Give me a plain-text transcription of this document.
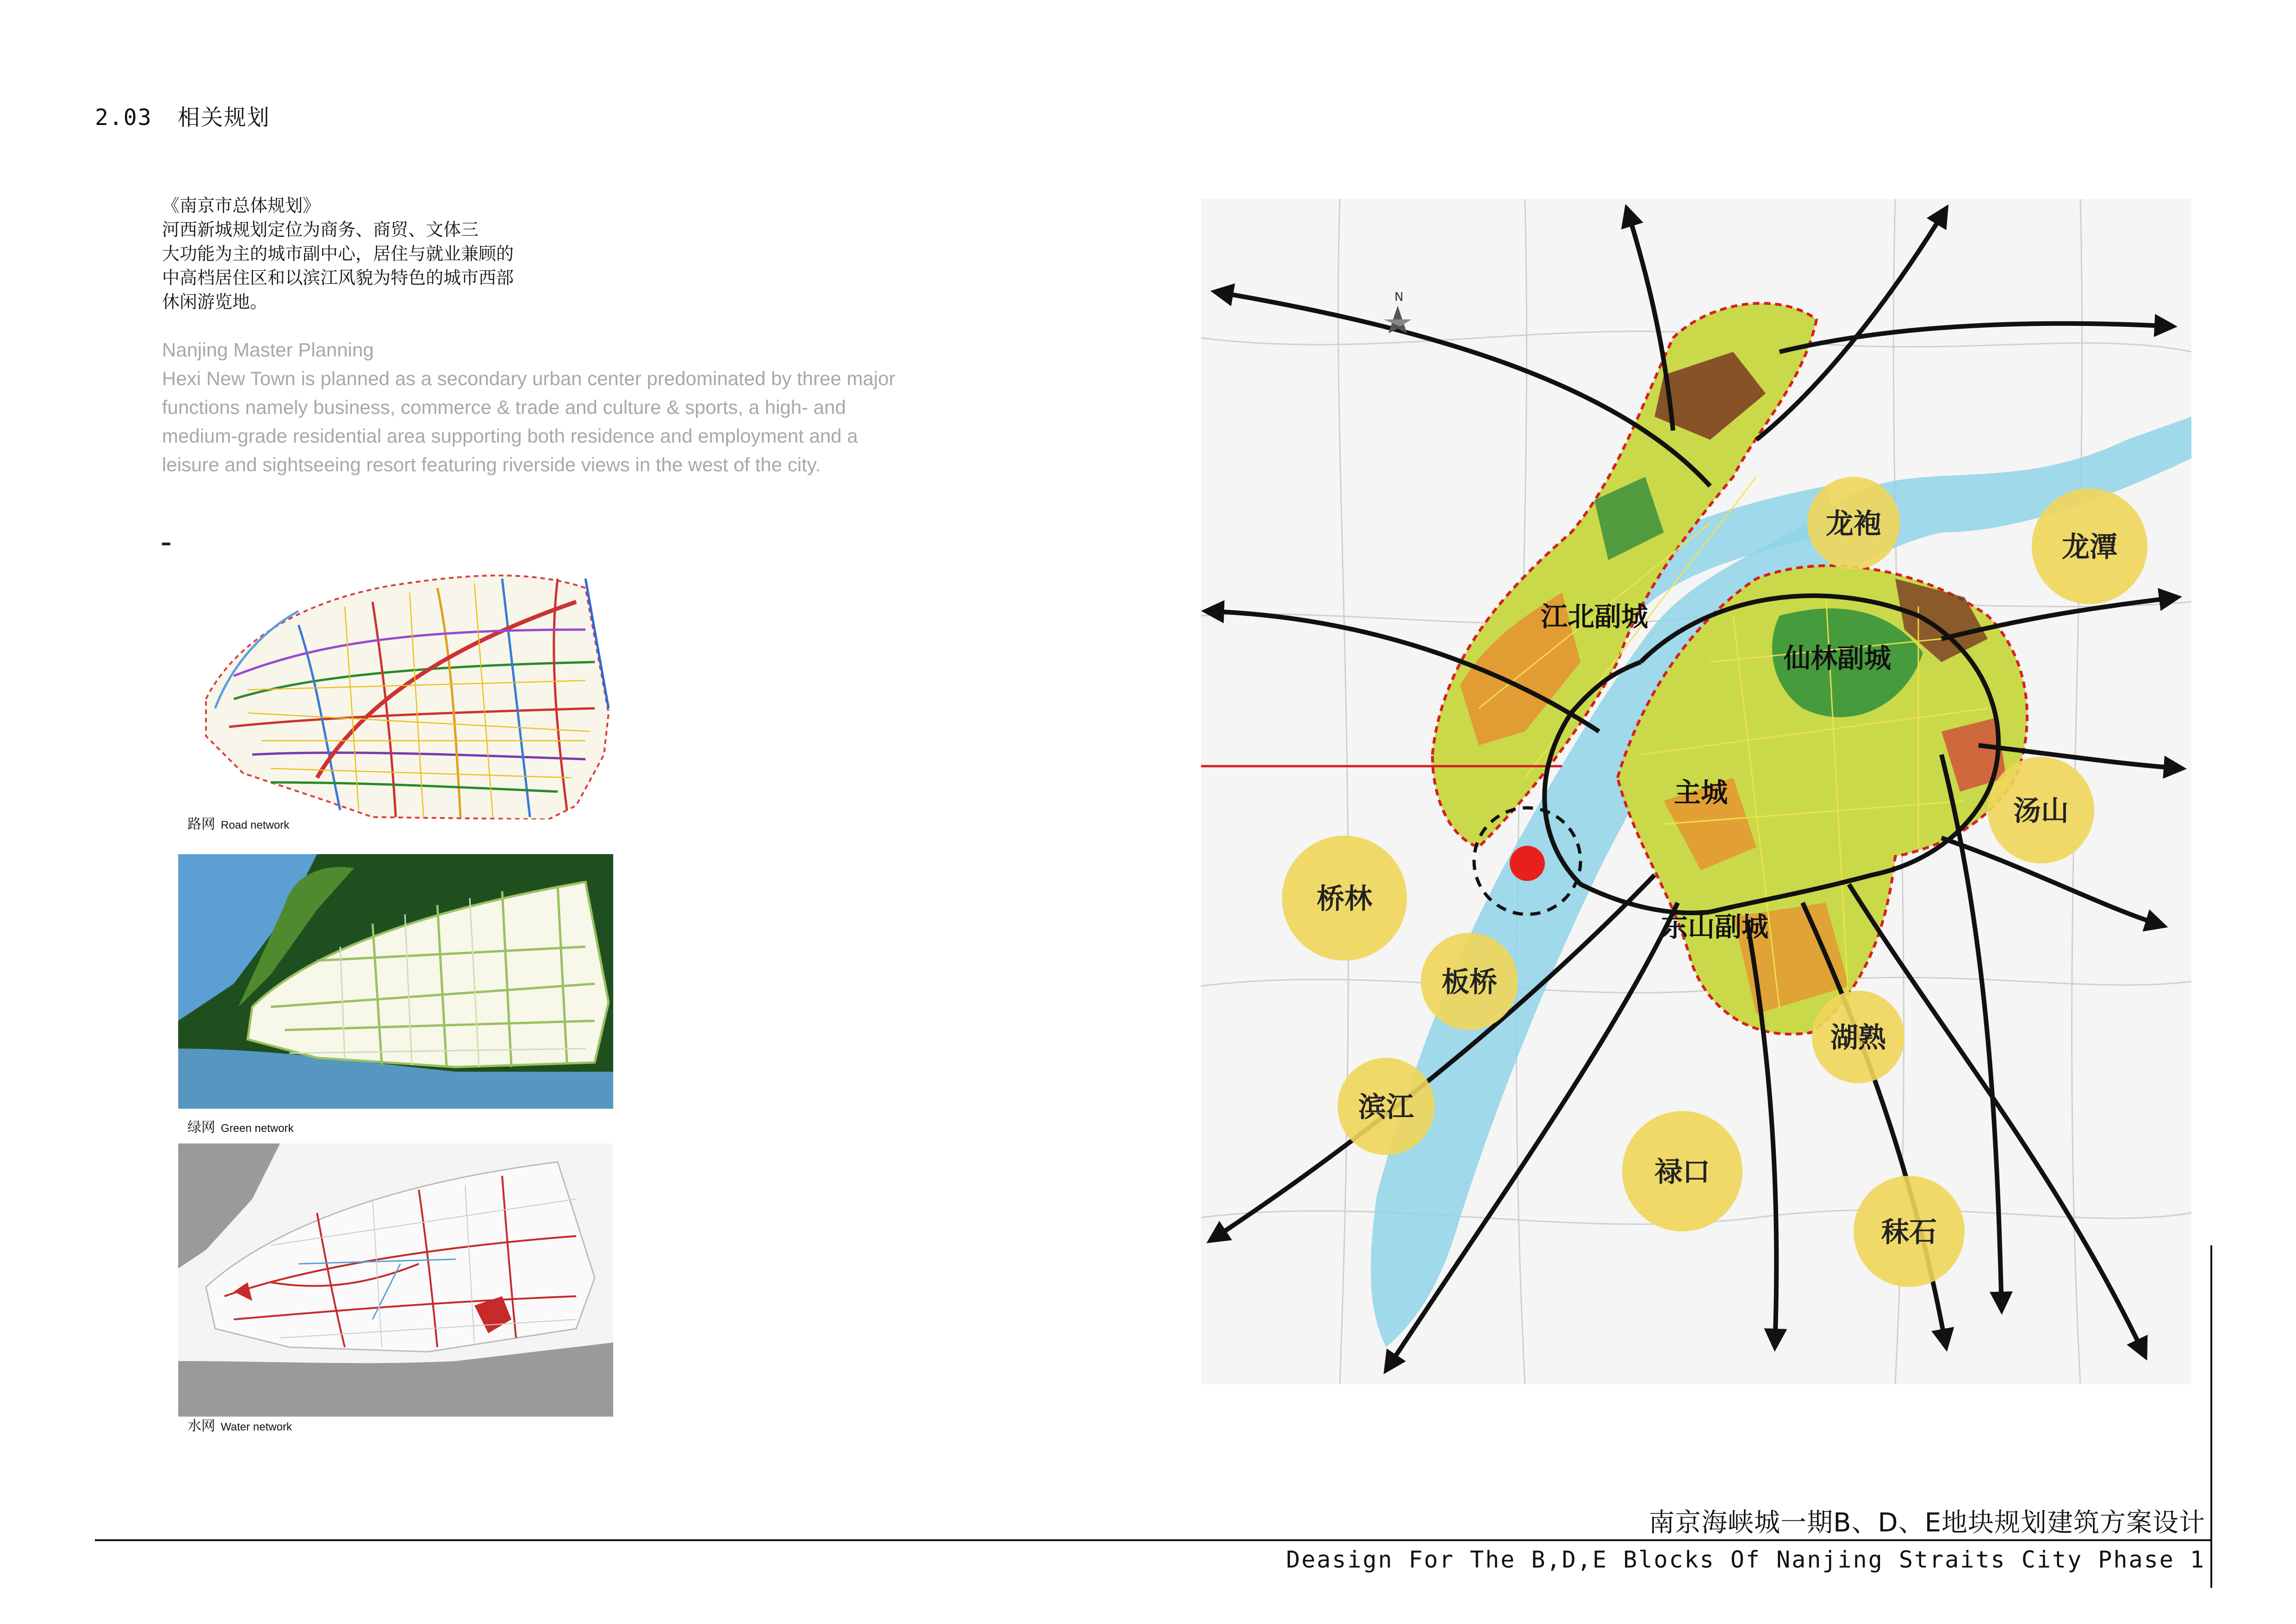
2.03 相关规划
《南京市总体规划》
河西新城规划定位为商务、商贸、文体三
大功能为主的城市副中心，居住与就业兼顾的
中高档居住区和以滨江风貌为特色的城市西部
休闲游览地。
Nanjing Master Planning
Hexi New Town is planned as a secondary urban center predominated by three major
functions namely business, commerce & trade and culture & sports, a high- and
medium-grade residential area supporting both residence and employment and a
leisure and sightseeing resort featuring riverside views in the west of the city.
路网 Road network
绿网 Green network
水网 Water network
N
龙袍
龙潭
汤山
桥林
板桥
滨江
湖熟
禄口
秣石
江北副城
仙林副城
主城
东山副城
南京海峡城一期B、D、E地块规划建筑方案设计
Deasign For The B,D,E Blocks Of Nanjing Straits City Phase 1
